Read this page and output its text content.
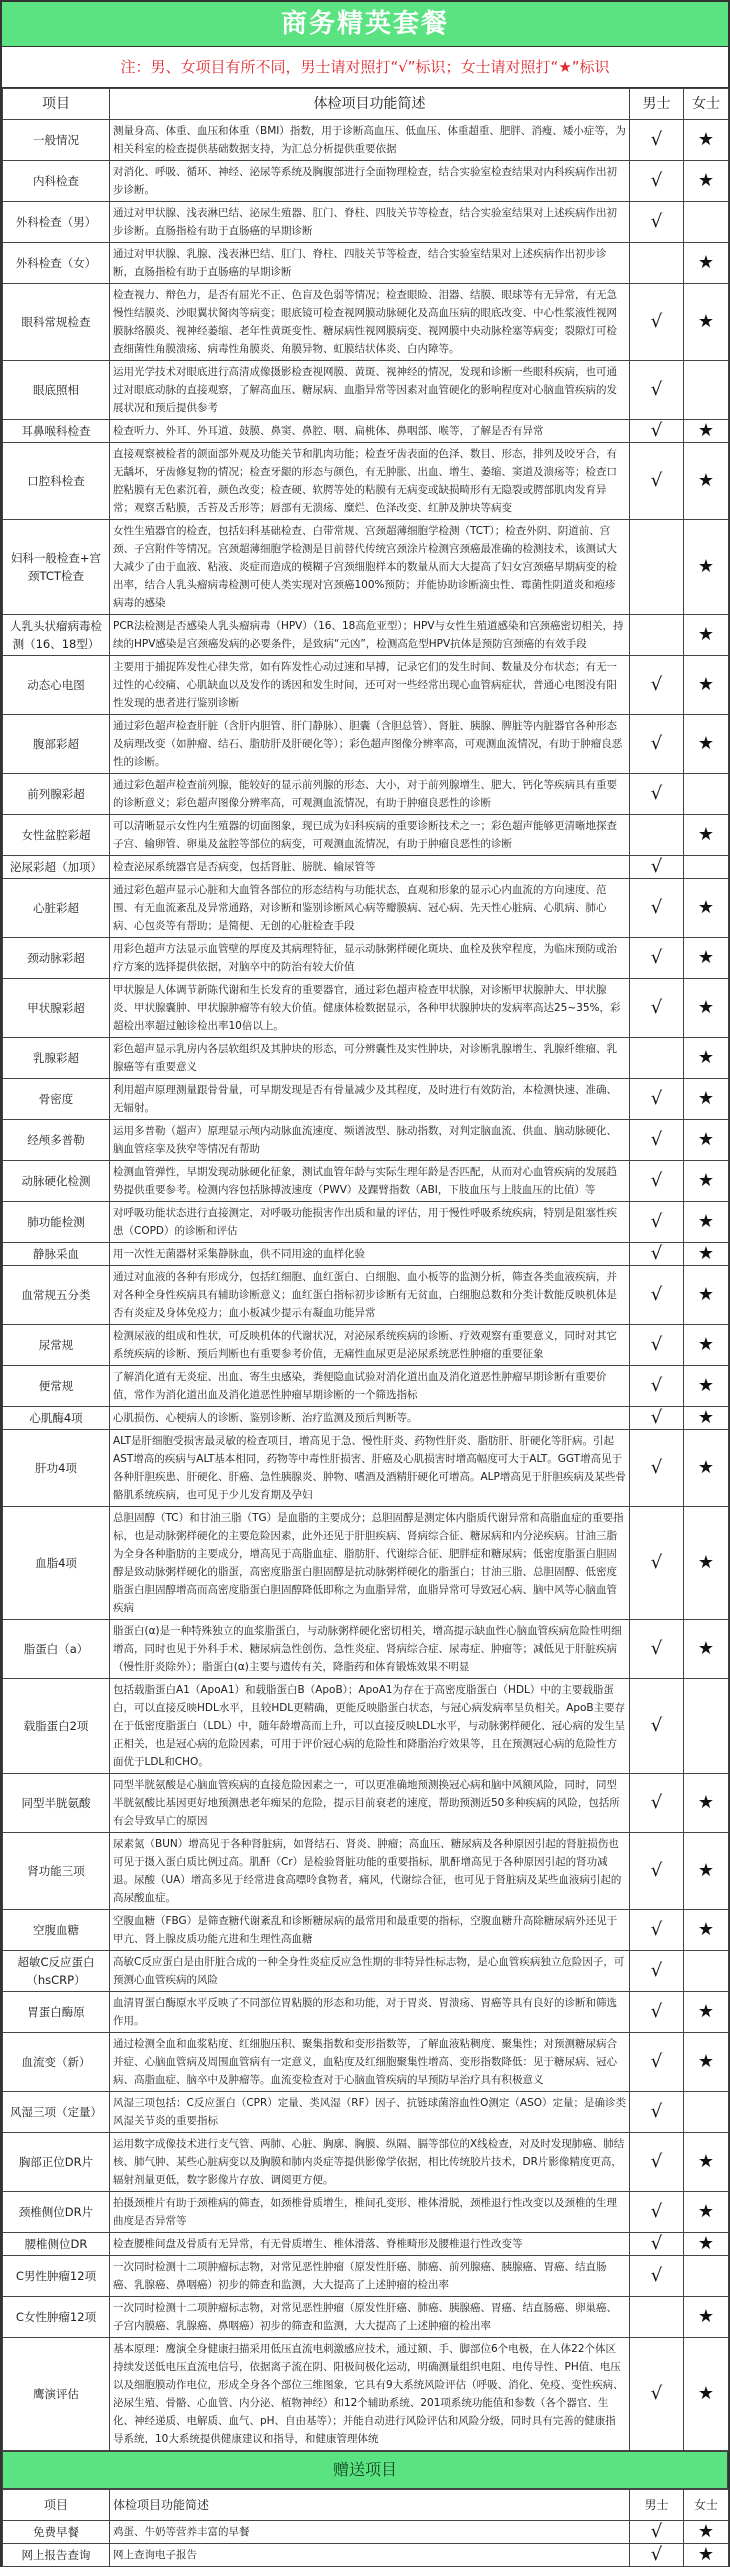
商务精英套餐
注：男、女项目有所不同，男士请对照打“√”标识；女士请对照打“★”标识
项目	体检项目功能简述	男士	女士
一般情况	测量身高、体重、血压和体重（BMI）指数，用于诊断高血压、低血压、体重超重、肥胖、消瘦、矮小症等，为相关科室的检查提供基础数据支持，为汇总分析提供重要依据	√	★
内科检查	对消化、呼吸、循环、神经、泌尿等系统及胸腹部进行全面物理检查，结合实验室检查结果对内科疾病作出初步诊断。	√	★
外科检查（男）	通过对甲状腺、浅表淋巴结、泌尿生殖器、肛门、脊柱、四肢关节等检查，结合实验室结果对上述疾病作出初步诊断。直肠指检有助于直肠癌的早期诊断	√	
外科检查（女）	通过对甲状腺、乳腺、浅表淋巴结、肛门、脊柱、四肢关节等检查，结合实验室结果对上述疾病作出初步诊断，直肠指检有助于直肠癌的早期诊断		★
眼科常规检查	检查视力、辩色力，是否有屈光不正、色盲及色弱等情况；检查眼睑、泪器、结膜、眼球等有无异常，有无急慢性结膜炎、沙眼翼状胬肉等病变；眼底镜可检查视网膜动脉硬化及高血压病的眼底改变、中心性浆液性视网膜脉络膜炎、视神经萎缩、老年性黄斑变性、糖尿病性视网膜病变、视网膜中央动脉栓塞等病变；裂隙灯可检查细菌性角膜溃疡、病毒性角膜炎、角膜异物、虹膜结状体炎、白内障等。	√	★
眼底照相	运用光学技术对眼底进行高清成像摄影检查视网膜、黄斑、视神经的情况，发现和诊断一些眼科疾病，也可通过对眼底动脉的直接观察，了解高血压、糖尿病、血脂异常等因素对血管硬化的影响程度对心脑血管疾病的发展状况和预后提供参考	√	
耳鼻喉科检查	检查听力、外耳、外耳道、鼓膜、鼻窦、鼻腔、咽、扁桃体、鼻咽部、喉等，了解是否有异常	√	★
口腔科检查	直接观察被检者的颌面部外观及功能关节和肌肉功能；检查牙齿表面的色泽、数目、形态，排列及咬牙合，有无龋坏，牙齿修复物的情况；检查牙龈的形态与颜色，有无肿胀、出血、增生、萎缩、窦道及溃疡等；检查口腔粘膜有无色素沉着，颜色改变；检查硬、软腭等处的粘膜有无病变或缺损畸形有无隐裂或腭部肌肉发育异常；观察舌粘膜，舌苔及舌形等；唇部有无溃疡、糜烂、色泽改变、红肿及肿块等病变	√	★
妇科一般检查+宫颈TCT检查	女性生殖器官的检查，包括妇科基础检查、白带常规、宫颈超薄细胞学检测（TCT）；检查外阴、阴道前、宫颈、子宫附件等情况。宫颈超薄细胞学检测是目前替代传统宫颈涂片检测宫颈癌最准确的检测技术，该测试大大减少了由于血液、粘液、炎症而造成的模糊子宫颈细胞样本的数量从而大大提高了妇女宫颈癌早期病变的检出率，结合人乳头瘤病毒检测可使人类实现对宫颈癌100%预防；并能协助诊断滴虫性、霉菌性阴道炎和疱疹病毒的感染		★
人乳头状瘤病毒检测（16、18型）	PCR法检测是否感染人乳头瘤病毒（HPV）（16、18高危亚型）；HPV与女性生殖道感染和宫颈癌密切相关，持续的HPV感染是宫颈癌发病的必要条件，是致病“元凶”，检测高危型HPV抗体是预防宫颈癌的有效手段		★
动态心电图	主要用于捕捉阵发性心律失常，如有阵发性心动过速和早搏，记录它们的发生时间、数量及分布状态；有无一过性的心绞痛、心肌缺血以及发作的诱因和发生时间，还可对一些经常出现心血管病症状，普通心电图没有阳性发现的患者进行鉴别诊断	√	★
腹部彩超	通过彩色超声检查肝脏（含肝内胆管、肝门静脉）、胆囊（含胆总管）、肾脏、胰腺、脾脏等内脏器官各种形态及病理改变（如肿瘤、结石、脂肪肝及肝硬化等）；彩色超声图像分辨率高，可观测血流情况，有助于肿瘤良恶性的诊断。	√	★
前列腺彩超	通过彩色超声检查前列腺，能较好的显示前列腺的形态、大小，对于前列腺增生、肥大、钙化等疾病具有重要的诊断意义；彩色超声图像分辨率高，可观测血流情况，有助于肿瘤良恶性的诊断	√	
女性盆腔彩超	可以清晰显示女性内生殖器的切面图象，现已成为妇科疾病的重要诊断技术之一；彩色超声能够更清晰地探查子宫、输卵管、卵巢及盆腔等部位的病变，可观测血流情况，有助于肿瘤良恶性的诊断		★
泌尿彩超（加项）	检查泌尿系统器官是否病变，包括肾脏、膀胱、输尿管等	√	
心脏彩超	通过彩色超声显示心脏和大血管各部位的形态结构与功能状态，直观和形象的显示心内血流的方向速度、范围、有无血流紊乱及异常通路，对诊断和鉴别诊断风心病等瓣膜病、冠心病、先天性心脏病、心肌病、肺心病、心包炎等有帮助；是简便、无创的心脏检查手段	√	★
颈动脉彩超	用彩色超声方法显示血管壁的厚度及其病理特征，显示动脉粥样硬化斑块、血栓及狭窄程度，为临床预防或治疗方案的选择提供依据，对脑卒中的防治有较大价值	√	★
甲状腺彩超	甲状腺是人体调节新陈代谢和生长发育的重要器官，通过彩色超声检查甲状腺，对诊断甲状腺肿大、甲状腺炎、甲状腺囊肿、甲状腺肿瘤等有较大价值。健康体检数据显示，各种甲状腺肿块的发病率高达25~35%，彩超检出率超过触诊检出率10倍以上。	√	★
乳腺彩超	彩色超声显示乳房内各层软组织及其肿块的形态，可分辨囊性及实性肿块，对诊断乳腺增生、乳腺纤维瘤、乳腺癌等有重要意义		★
骨密度	利用超声原理测量跟骨骨量，可早期发现是否有骨量减少及其程度，及时进行有效防治，本检测快速、准确、无辐射。	√	★
经颅多普勒	运用多普勒（超声）原理显示颅内动脉血流速度、频谱波型、脉动指数，对判定脑血流、供血、脑动脉硬化、脑血管痉挛及狭窄等情况有帮助	√	★
动脉硬化检测	检测血管弹性，早期发现动脉硬化征象，测试血管年龄与实际生理年龄是否匹配，从而对心血管疾病的发展趋势提供重要参考。检测内容包括脉搏波速度（PWV）及踝臂指数（ABI，下肢血压与上肢血压的比值）等	√	★
肺功能检测	对呼吸功能状态进行直接测定，对呼吸功能损害作出质和量的评估，用于慢性呼吸系统疾病，特别是阻塞性疾患（COPD）的诊断和评估	√	★
静脉采血	用一次性无菌器材采集静脉血，供不同用途的血样化验	√	★
血常规五分类	通过对血液的各种有形成分，包括红细胞、血红蛋白、白细胞、血小板等的监测分析，筛查各类血液疾病，并对各种全身性疾病具有辅助诊断意义；血红蛋白指标初步诊断有无贫血，白细胞总数和分类计数能反映机体是否有炎症及身体免疫力；血小板减少提示有凝血功能异常	√	★
尿常规	检测尿液的组成和性状，可反映机体的代谢状况，对泌尿系统疾病的诊断、疗效观察有重要意义，同时对其它系统疾病的诊断、预后判断也有重要参考价值，无痛性血尿更是泌尿系统恶性肿瘤的重要征象	√	★
便常规	了解消化道有无炎症、出血、寄生虫感染，粪便隐血试验对消化道出血及消化道恶性肿瘤早期诊断有重要价值，常作为消化道出血及消化道恶性肿瘤早期诊断的一个筛选指标	√	★
心肌酶4项	心肌损伤、心梗病人的诊断、鉴别诊断、治疗监测及预后判断等。	√	★
肝功4项	ALT是肝细胞受损害最灵敏的检查项目，增高见于急、慢性肝炎、药物性肝炎、脂肪肝、肝硬化等肝病。引起AST增高的疾病与ALT基本相同，药物等中毒性肝损害、肝癌及心肌损害时增高幅度可大于ALT。GGT增高见于各种肝胆疾患、肝硬化、肝癌、急性胰腺炎、肿物、嗜酒及酒精肝硬化可增高。ALP增高见于肝胆疾病及某些骨骼肌系统疾病，也可见于少儿发育期及孕妇	√	★
血脂4项	总胆固醇（TC）和甘油三脂（TG）是血脂的主要成分；总胆固醇是测定体内脂质代谢异常和高脂血症的重要指标，也是动脉粥样硬化的主要危险因素，此外还见于肝胆疾病、肾病综合征、糖尿病和内分泌疾病。甘油三脂为全身各种脂肪的主要成分，增高见于高脂血症、脂肪肝、代谢综合征、肥胖症和糖尿病；低密度脂蛋白胆固醇是致动脉粥样硬化的脂蛋，高密度脂蛋白胆固醇是抗动脉粥样硬化的脂蛋白；甘油三脂、总胆固醇、低密度脂蛋白胆固醇增高而高密度脂蛋白胆固醇降低即称之为血脂异常，血脂异常可导致冠心病、脑中风等心脑血管疾病	√	★
脂蛋白（a）	脂蛋白(α)是一种特殊独立的血浆脂蛋白，与动脉粥样硬化密切相关，增高提示缺血性心脑血管疾病危险性明细增高，同时也见于外科手术、糖尿病急性创伤、急性炎症、肾病综合症、尿毒症、肿瘤等；减低见于肝脏疾病（慢性肝炎除外）；脂蛋白(α)主要与遗传有关，降脂药和体育锻炼效果不明显	√	★
载脂蛋白2项	包括载脂蛋白A1（ApoA1）和载脂蛋白B（ApoB）；ApoA1为存在于高密度脂蛋白（HDL）中的主要载脂蛋白，可以直接反映HDL水平，且较HDL更精确，更能反映脂蛋白状态，与冠心病发病率呈负相关。ApoB主要存在于低密度脂蛋白（LDL）中，随年龄增高而上升，可以直接反映LDL水平，与动脉粥样硬化、冠心病的发生呈正相关，也是冠心病的危险因素，可用于评价冠心病的危险性和降脂治疗效果等，且在预测冠心病的危险性方面优于LDL和CHO。	√	
同型半胱氨酸	同型半胱氨酸是心脑血管疾病的直接危险因素之一，可以更准确地预测换冠心病和脑中风额风险，同时，同型半胱氨酸比基因更好地预测患老年痴呆的危险，提示目前衰老的速度，帮助预测近50多种疾病的风险，包括所有会导致早亡的原因	√	★
肾功能三项	尿素氮（BUN）增高见于各种肾脏病，如肾结石、肾炎、肿瘤；高血压、糖尿病及各种原因引起的肾脏损伤也可见于摄入蛋白质比例过高。肌酐（Cr）是检验肾脏功能的重要指标，肌酐增高见于各种原因引起的肾功减退。尿酸（UA）增高多见于经常进食高嘌呤食物者，痛风，代谢综合征，也可见于肾脏病及某些血液病引起的高尿酸血症。	√	★
空腹血糖	空腹血糖（FBG）是筛查糖代谢紊乱和诊断糖尿病的最常用和最重要的指标，空腹血糖升高除糖尿病外还见于甲亢、肾上腺皮质功能亢进和生理性高血糖	√	★
超敏C反应蛋白（hsCRP）	高敏C反应蛋白是由肝脏合成的一种全身性炎症反应急性期的非特异性标志物，是心血管疾病独立危险因子，可预测心血管疾病的风险	√	
胃蛋白酶原	血清胃蛋白酶原水平反映了不同部位胃粘膜的形态和功能，对于胃炎、胃溃疡、胃癌等具有良好的诊断和筛选作用。	√	★
血流变（新）	通过检测全血和血浆粘度、红细胞压积、聚集指数和变形指数等，了解血液粘稠度、聚集性；对预测糖尿病合并症、心脑血管病及周围血管病有一定意义，血粘度及红细胞聚集性增高、变形指数降低：见于糖尿病、冠心病、高脂血症、脑卒中及肿瘤等。血流变检查对于心脑血管疾病的早预防早治疗具有积极意义	√	★
风湿三项（定量）	风湿三项包括：C反应蛋白（CPR）定量、类风湿（RF）因子、抗链球菌溶血性O测定（ASO）定量；是确诊类风湿关节炎的重要指标	√	
胸部正位DR片	运用数字成像技术进行支气管、两肺、心脏、胸廓、胸膜、纵隔、膈等部位的X线检查，对及时发现肺癌、肺结核、肺气肿、某些心脏病变以及胸膜和肺内炎症等提供影像学依据，相比传统胶片技术，DR片影像精度更高，辐射剂量更低，数字影像片存放、调阅更方便。	√	★
颈椎侧位DR片	拍摄颈椎片有助于颈椎病的筛查，如颈椎骨质增生，椎间孔变形、椎体滑脱，颈椎退行性改变以及颈椎的生理曲度是否异常等	√	★
腰椎侧位DR	检查腰椎间盘及骨质有无异常，有无骨质增生、椎体滑落、脊椎畸形及腰椎退行性改变等	√	★
C男性肿瘤12项	一次同时检测十二项肿瘤标志物，对常见恶性肿瘤（原发性肝癌、肺癌、前列腺癌、胰腺癌、胃癌、结直肠癌、乳腺癌、鼻咽癌）初步的筛查和监测，大大提高了上述肿瘤的检出率	√	
C女性肿瘤12项	一次同时检测十二项肿瘤标志物，对常见恶性肿瘤（原发性肝癌、肺癌、胰腺癌、胃癌、结直肠癌、卵巢癌、子宫内膜癌、乳腺癌、鼻咽癌）初步的筛查和监测，大大提高了上述肿瘤的检出率		★
鹰演评估	基本原理：鹰演全身健康扫描采用低压直流电刺激感应技术，通过额、手、脚部位6个电极，在人体22个体区持续发送低电压直流电信号，依据离子流在阴、阳极间极化运动，明确测量组织电阻、电传导性、PH值、电压以及细胞膜动作电位，形成全身各个部位三维图象，它具有9大系统风险评估（呼吸、消化、免疫、变性疾病、泌尿生殖、骨骼、心血管、内分泌、植物神经）和12个辅助系统、201项系统功能值和参数（各个器官、生化、神经递质、电解质、血气、pH、自由基等）；并能自动进行风险评估和风险分级，同时具有完善的健康指导系统，10大系统提供健康建议和指导，和健康管理体统	√	★
赠送项目
项目	体检项目功能简述	男士	女士
免费早餐	鸡蛋、牛奶等营养丰富的早餐	√	★
网上报告查询	网上查询电子报告	√	★
